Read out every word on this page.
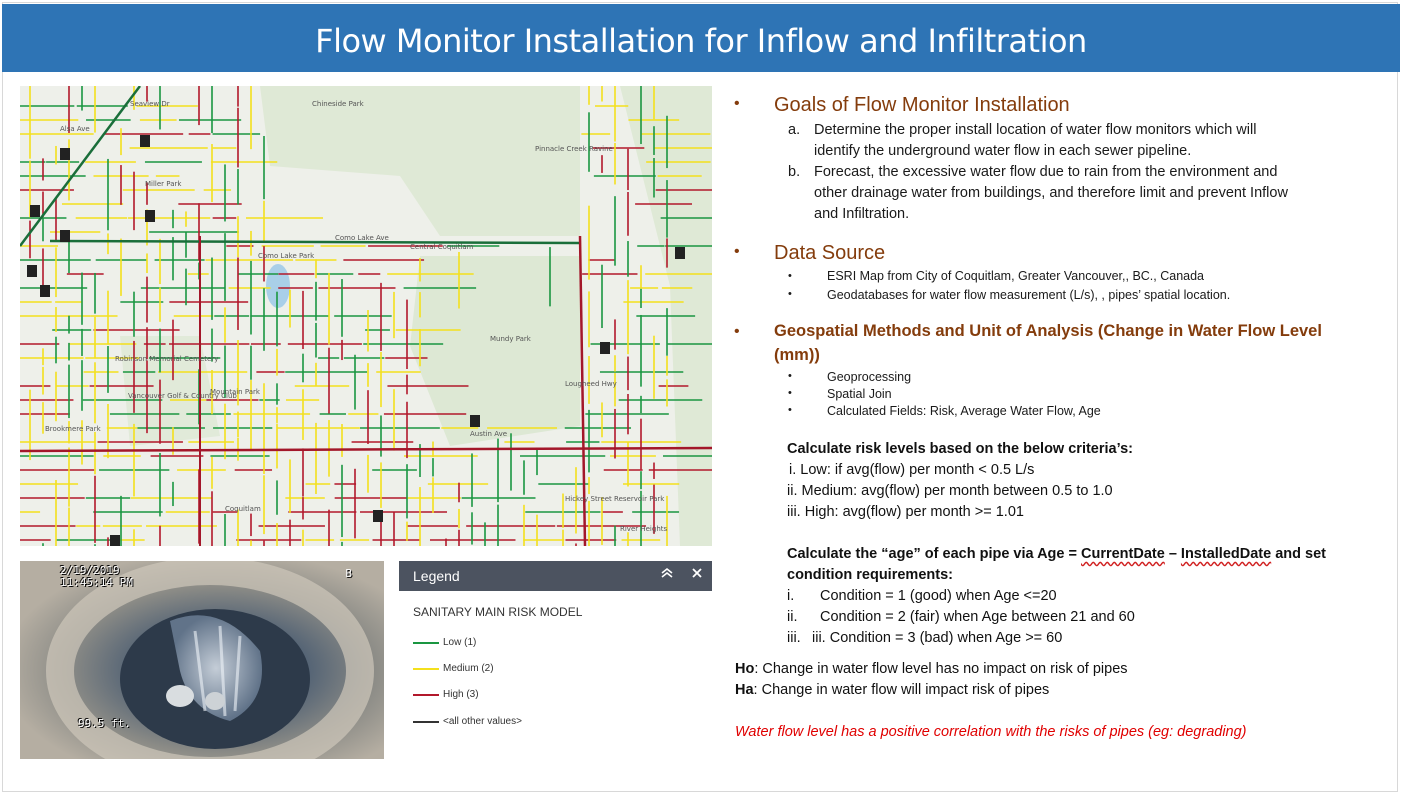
Flow Monitor Installation for Inflow and Infiltration
Seaview Dr	Chineside Park
Alsa Ave
Pinnacle Creek Ravine
Miller Park
Como Lake Ave
Central Coquitlam
Como Lake Park
Mundy Park
Robinson Memorial Cemetery
Vancouver Golf & Country Club
Mountain Park
Brookmere Park
Hickey Street Reservoir Park
Coquitlam
River Heights
Austin Ave
Lougheed Hwy
2/19/2019
11:45:14 PM
B
99.5 ft.
Legend
SANITARY MAIN RISK MODEL
Low (1)
Medium (2)
High (3)
<all other values>
• Goals of Flow Monitor Installation
a. Determine the proper install location of water flow monitors which will
identify the underground water flow in each sewer pipeline.
b. Forecast, the excessive water flow due to rain from the environment and
other drainage water from buildings, and therefore limit and prevent Inflow
and Infiltration.
• Data Source
•	ESRI Map from City of Coquitlam, Greater Vancouver,, BC., Canada
•	Geodatabases for water flow measurement (L/s), , pipes’ spatial location.
• Geospatial Methods and Unit of Analysis (Change in Water Flow Level
(mm))
•	Geoprocessing
•	Spatial Join
•	Calculated Fields: Risk, Average Water Flow, Age
Calculate risk levels based on the below criteria’s:
i. Low: if avg(flow) per month < 0.5 L/s
ii. Medium: avg(flow) per month between 0.5 to 1.0
iii. High: avg(flow) per month >= 1.01
Calculate the “age” of each pipe via Age = CurrentDate – InstalledDate and set
condition requirements:
i. Condition = 1 (good) when Age <=20
ii. Condition = 2 (fair) when Age between 21 and 60
iii. iii. Condition = 3 (bad) when Age >= 60
Ho: Change in water flow level has no impact on risk of pipes
Ha: Change in water flow will impact risk of pipes
Water flow level has a positive correlation with the risks of pipes (eg: degrading)
